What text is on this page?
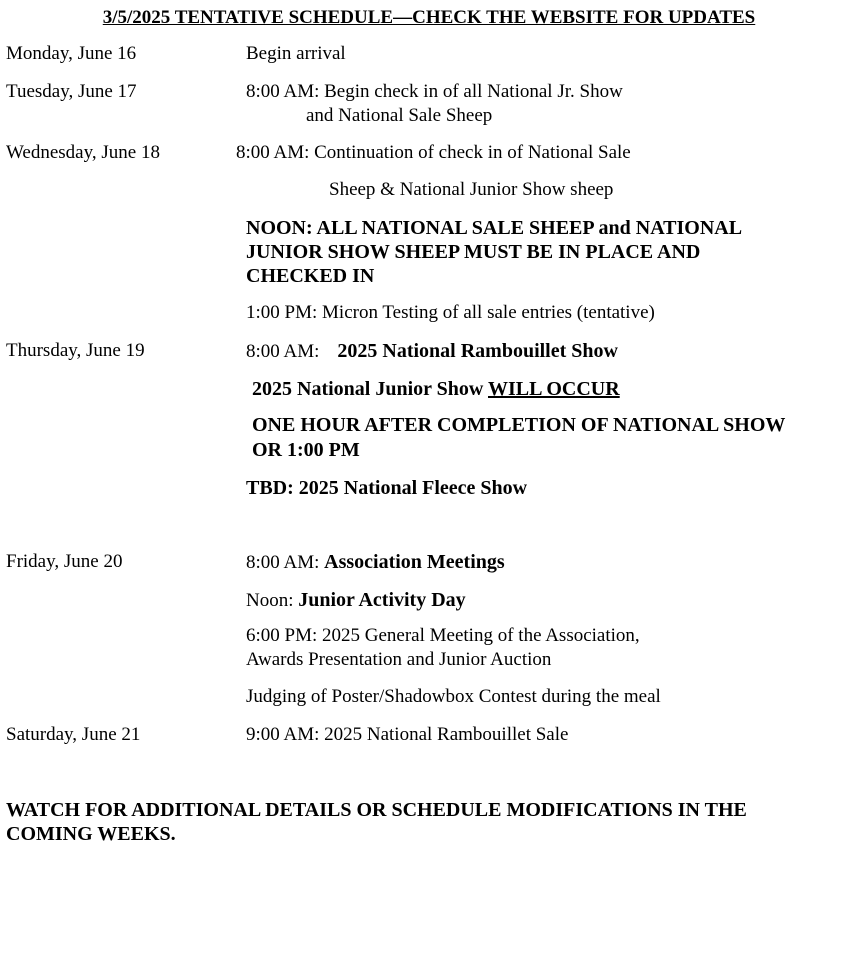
3/5/2025 TENTATIVE SCHEDULE—CHECK THE WEBSITE FOR UPDATES
Monday, June 16	Begin arrival
Tuesday, June 17	8:00 AM: Begin check in of all National Jr. Show
and National Sale Sheep
Wednesday, June 18	8:00 AM: Continuation of check in of National Sale
Sheep & National Junior Show sheep
NOON: ALL NATIONAL SALE SHEEP and NATIONAL
JUNIOR SHOW SHEEP MUST BE IN PLACE AND
CHECKED IN
1:00 PM: Micron Testing of all sale entries (tentative)
Thursday, June 19	8:00 AM: 2025 National Rambouillet Show
2025 National Junior Show WILL OCCUR
ONE HOUR AFTER COMPLETION OF NATIONAL SHOW
OR 1:00 PM
TBD: 2025 National Fleece Show
Friday, June 20	8:00 AM: Association Meetings
Noon: Junior Activity Day
6:00 PM: 2025 General Meeting of the Association,
Awards Presentation and Junior Auction
Judging of Poster/Shadowbox Contest during the meal
Saturday, June 21	9:00 AM: 2025 National Rambouillet Sale
WATCH FOR ADDITIONAL DETAILS OR SCHEDULE MODIFICATIONS IN THE
COMING WEEKS.
